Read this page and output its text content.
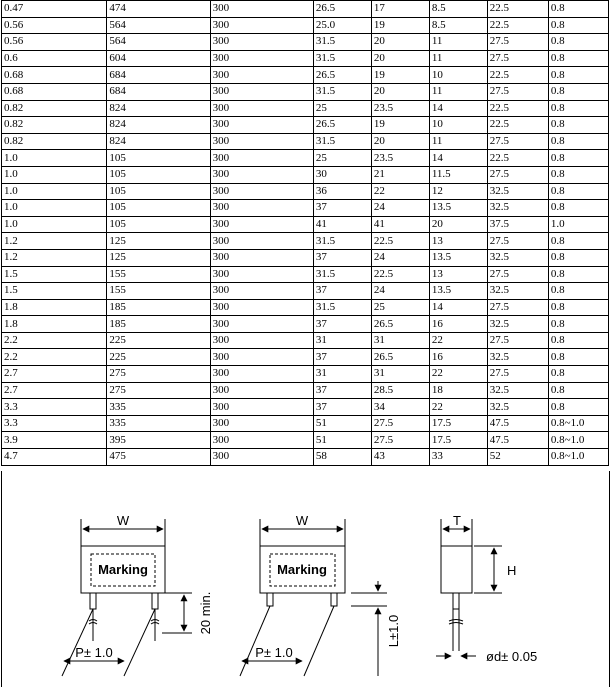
0.47	474	300	26.5	17	8.5	22.5	0.8
0.56	564	300	25.0	19	8.5	22.5	0.8
0.56	564	300	31.5	20	11	27.5	0.8
0.6	604	300	31.5	20	11	27.5	0.8
0.68	684	300	26.5	19	10	22.5	0.8
0.68	684	300	31.5	20	11	27.5	0.8
0.82	824	300	25	23.5	14	22.5	0.8
0.82	824	300	26.5	19	10	22.5	0.8
0.82	824	300	31.5	20	11	27.5	0.8
1.0	105	300	25	23.5	14	22.5	0.8
1.0	105	300	30	21	11.5	27.5	0.8
1.0	105	300	36	22	12	32.5	0.8
1.0	105	300	37	24	13.5	32.5	0.8
1.0	105	300	41	41	20	37.5	1.0
1.2	125	300	31.5	22.5	13	27.5	0.8
1.2	125	300	37	24	13.5	32.5	0.8
1.5	155	300	31.5	22.5	13	27.5	0.8
1.5	155	300	37	24	13.5	32.5	0.8
1.8	185	300	31.5	25	14	27.5	0.8
1.8	185	300	37	26.5	16	32.5	0.8
2.2	225	300	31	31	22	27.5	0.8
2.2	225	300	37	26.5	16	32.5	0.8
2.7	275	300	31	31	22	27.5	0.8
2.7	275	300	37	28.5	18	32.5	0.8
3.3	335	300	37	34	22	32.5	0.8
3.3	335	300	51	27.5	17.5	47.5	0.8~1.0
3.9	395	300	51	27.5	17.5	47.5	0.8~1.0
4.7	475	300	58	43	33	52	0.8~1.0
W
Marking
20 min.
P± 1.0
W
Marking
L±1.0
P± 1.0
T
H
ød± 0.05
